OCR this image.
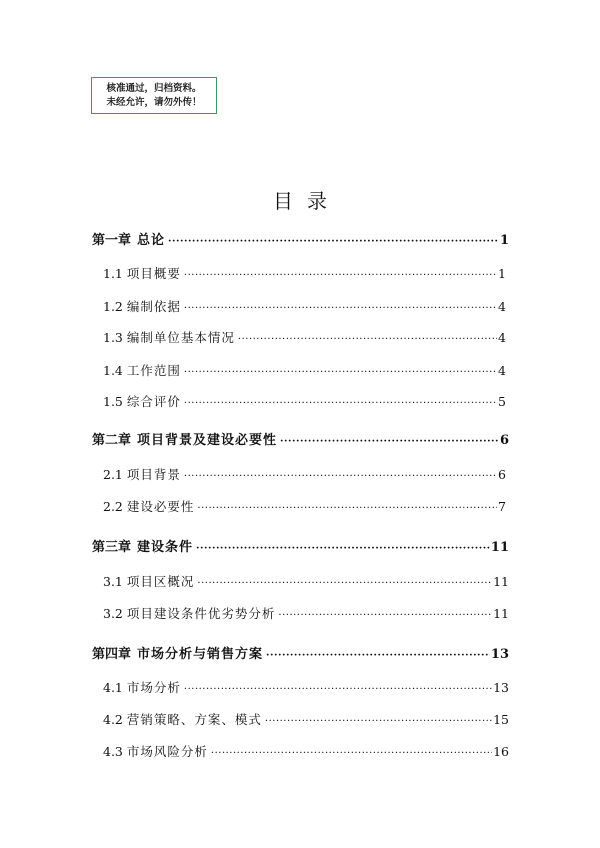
核准通过，归档资料。
未经允许，请勿外传！
目录
第一章 总论 ·····	1
1.1 项目概要 ·····	1
1.2 编制依据 ·····	4
1.3 编制单位基本情况 ·····	4
1.4 工作范围 ·····	4
1.5 综合评价 ·····	5
第二章 项目背景及建设必要性 ·····	6
2.1 项目背景 ·····	6
2.2 建设必要性 ·····	7
第三章 建设条件 ·····	11
3.1 项目区概况 ·····	11
3.2 项目建设条件优劣势分析 ·····	11
第四章 市场分析与销售方案 ·····	13
4.1 市场分析 ·····	13
4.2 营销策略、方案、模式 ·····	15
4.3 市场风险分析 ·····	16
